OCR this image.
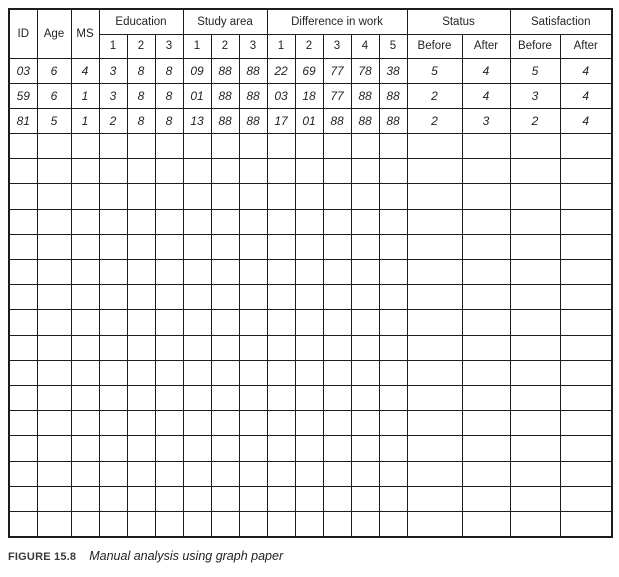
ID	Age	MS	Education			Study area			Difference in work					Status		Satisfaction	
			1	2	3	1	2	3	1	2	3	4	5	Before	After	Before	After
03	6	4	3	8	8	09	88	88	22	69	77	78	38	5	4	5	4
59	6	1	3	8	8	01	88	88	03	18	77	88	88	2	4	3	4
81	5	1	2	8	8	13	88	88	17	01	88	88	88	2	3	2	4

FIGURE 15.8 Manual analysis using graph paper
